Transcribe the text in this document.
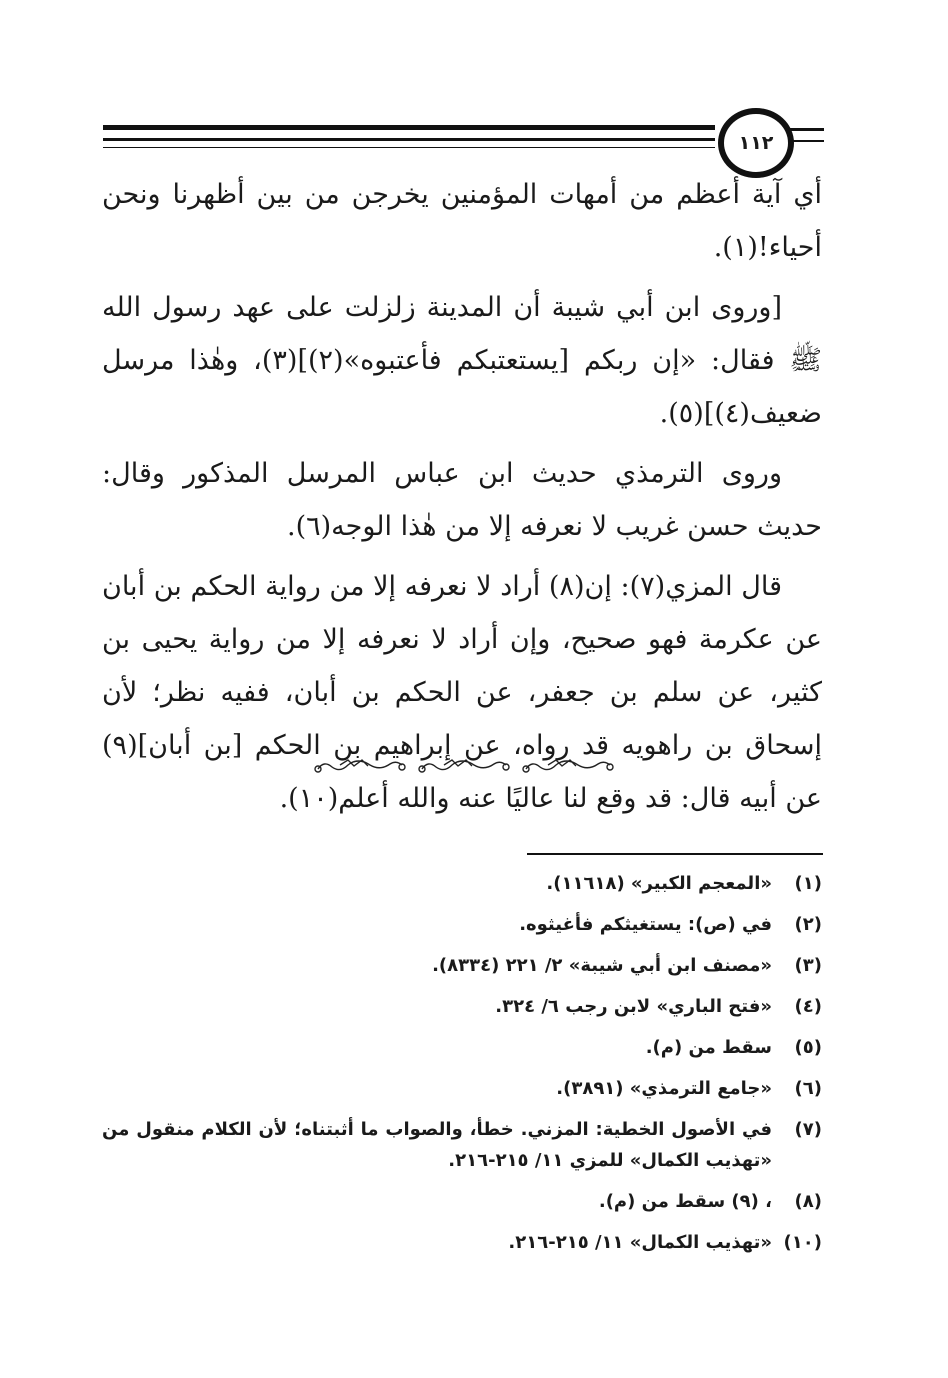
١١٢

أي آية أعظم من أمهات المؤمنين يخرجن من بين أظهرنا ونحن أحياء!(١).

[وروى ابن أبي شيبة أن المدينة زلزلت على عهد رسول الله ﷺ فقال: «إن ربكم [يستعتبكم فأعتبوه»(٢)](٣)، وهٰذا مرسل ضعيف(٤)](٥).

وروى الترمذي حديث ابن عباس المرسل المذكور وقال: حديث حسن غريب لا نعرفه إلا من هٰذا الوجه(٦).

قال المزي(٧): إن(٨) أراد لا نعرفه إلا من رواية الحكم بن أبان عن عكرمة فهو صحيح، وإن أراد لا نعرفه إلا من رواية يحيى بن كثير، عن سلم بن جعفر، عن الحكم بن أبان، ففيه نظر؛ لأن إسحاق بن راهويه قد رواه، عن إبراهيم بن الحكم [بن أبان](٩) عن أبيه قال: قد وقع لنا عاليًا عنه والله أعلم(١٠).

(١)
«المعجم الكبير» (١١٦١٨).
(٢)
في (ص): يستغيثكم فأغيثوه.
(٣)
«مصنف ابن أبي شيبة» ٢/ ٢٢١ (٨٣٣٤).
(٤)
«فتح الباري» لابن رجب ٦/ ٣٢٤.
(٥)
سقط من (م).
(٦)
«جامع الترمذي» (٣٨٩١).
(٧)
في الأصول الخطية: المزني. خطأ، والصواب ما أثبتناه؛ لأن الكلام منقول من «تهذيب الكمال» للمزي ١١/ ٢١٥-٢١٦.
(٨)
، (٩) سقط من (م).
(١٠)
«تهذيب الكمال» ١١/ ٢١٥-٢١٦.
